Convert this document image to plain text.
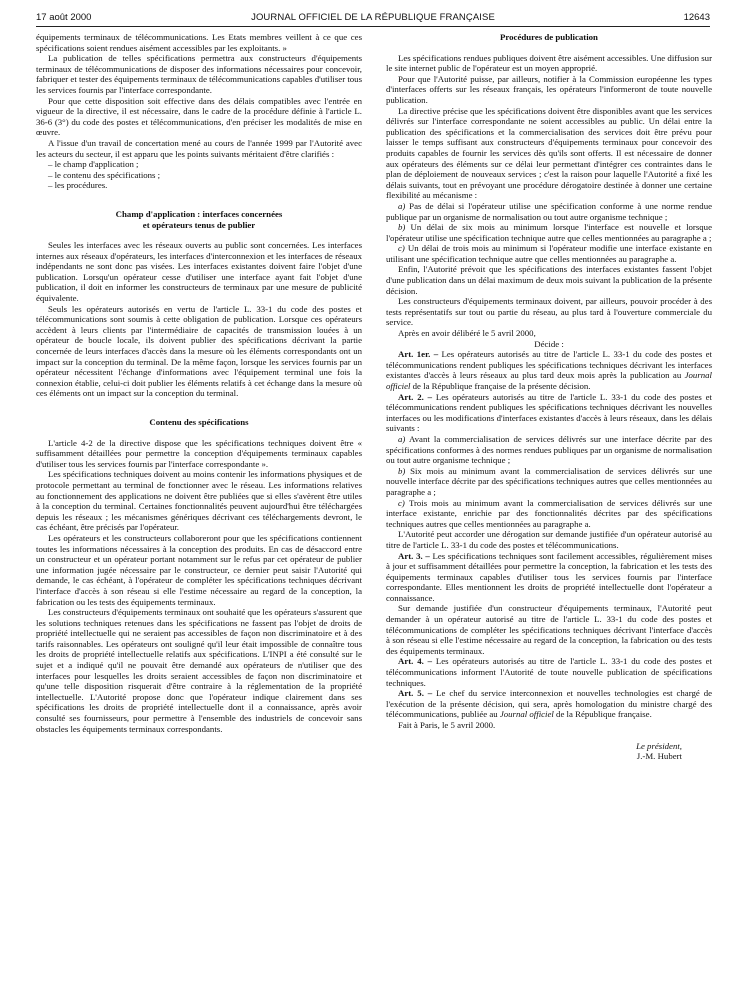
17 août 2000	JOURNAL OFFICIEL DE LA RÉPUBLIQUE FRANÇAISE	12643

équipements terminaux de télécommunications. Les Etats membres veillent à ce que ces spécifications soient rendues aisément accessibles par les exploitants. »

La publication de telles spécifications permettra aux constructeurs d'équipements terminaux de télécommunications de disposer des informations nécessaires pour concevoir, fabriquer et tester des équipements terminaux de télécommunications capables d'utiliser tous les services fournis par l'interface correspondante.

Pour que cette disposition soit effective dans des délais compatibles avec l'entrée en vigueur de la directive, il est nécessaire, dans le cadre de la procédure définie à l'article L. 36-6 (3°) du code des postes et télécommunications, d'en préciser les modalités de mise en œuvre.

A l'issue d'un travail de concertation mené au cours de l'année 1999 par l'Autorité avec les acteurs du secteur, il est apparu que les points suivants méritaient d'être clarifiés :

– le champ d'application ;

– le contenu des spécifications ;

– les procédures.

Champ d'application : interfaces concernées

et opérateurs tenus de publier

Seules les interfaces avec les réseaux ouverts au public sont concernées. Les interfaces internes aux réseaux d'opérateurs, les interfaces d'interconnexion et les interfaces de réseaux indépendants ne sont donc pas visées. Les interfaces existantes doivent faire l'objet d'une publication. Lorsqu'un opérateur cesse d'utiliser une interface ayant fait l'objet d'une publication, il doit en informer les constructeurs de terminaux par une mesure de publicité équivalente.

Seuls les opérateurs autorisés en vertu de l'article L. 33-1 du code des postes et télécommunications sont soumis à cette obligation de publication. Lorsque ces opérateurs accèdent à leurs clients par l'intermédiaire de capacités de transmission louées à un opérateur de boucle locale, ils doivent publier des spécifications décrivant la partie concernée de leurs interfaces d'accès dans la mesure où les éléments correspondants ont un impact sur la conception du terminal. De la même façon, lorsque les services fournis par un opérateur nécessitent l'échange d'informations avec l'équipement terminal une fois la connexion établie, celui-ci doit publier les éléments relatifs à cet échange dans la mesure où ces éléments ont un impact sur la conception du terminal.

Contenu des spécifications

L'article 4-2 de la directive dispose que les spécifications techniques doivent être « suffisamment détaillées pour permettre la conception d'équipements terminaux capables d'utiliser tous les services fournis par l'interface correspondante ».

Les spécifications techniques doivent au moins contenir les informations physiques et de protocole permettant au terminal de fonctionner avec le réseau. Les informations relatives au fonctionnement des applications ne doivent être publiées que si elles s'avèrent être utiles à la conception du terminal. Certaines fonctionnalités peuvent aujourd'hui être téléchargées depuis les réseaux ; les mécanismes génériques décrivant ces téléchargements devront, le cas échéant, être précisés par l'opérateur.

Les opérateurs et les constructeurs collaboreront pour que les spécifications contiennent toutes les informations nécessaires à la conception des produits. En cas de désaccord entre un constructeur et un opérateur portant notamment sur le refus par cet opérateur de publier une information jugée nécessaire par le constructeur, ce dernier peut saisir l'Autorité qui demande, le cas échéant, à l'opérateur de compléter les spécifications techniques décrivant l'interface d'accès à son réseau si elle l'estime nécessaire au regard de la conception, la fabrication ou les tests des équipements terminaux.

Les constructeurs d'équipements terminaux ont souhaité que les opérateurs s'assurent que les solutions techniques retenues dans les spécifications ne fassent pas l'objet de droits de propriété intellectuelle qui ne seraient pas accessibles de façon non discriminatoire et à des tarifs raisonnables. Les opérateurs ont souligné qu'il leur était impossible de connaître tous les droits de propriété intellectuelle relatifs aux spécifications. L'INPI a été consulté sur le sujet et a indiqué qu'il ne pouvait être demandé aux opérateurs de n'utiliser que des interfaces pour lesquelles les droits seraient accessibles de façon non discriminatoire et qu'une telle disposition risquerait d'être contraire à la réglementation de la propriété intellectuelle. L'Autorité propose donc que l'opérateur indique clairement dans ses spécifications les droits de propriété intellectuelle dont il a connaissance, après avoir consulté ses fournisseurs, pour permettre à l'ensemble des industriels de concevoir sans obstacles les équipements terminaux correspondants.

Procédures de publication

Les spécifications rendues publiques doivent être aisément accessibles. Une diffusion sur le site internet public de l'opérateur est un moyen approprié.

Pour que l'Autorité puisse, par ailleurs, notifier à la Commission européenne les types d'interfaces offerts sur les réseaux français, les opérateurs l'informeront de toute nouvelle publication.

La directive précise que les spécifications doivent être disponibles avant que les services délivrés sur l'interface correspondante ne soient accessibles au public. Un délai entre la publication des spécifications et la commercialisation des services doit être prévu pour laisser le temps suffisant aux constructeurs d'équipements terminaux pour concevoir des produits capables de fournir les services dès qu'ils sont offerts. Il est nécessaire de donner aux opérateurs des éléments sur ce délai leur permettant d'intégrer ces contraintes dans le plan de déploiement de nouveaux services ; c'est la raison pour laquelle l'Autorité a fixé les délais suivants, tout en prévoyant une procédure dérogatoire destinée à donner une certaine flexibilité au mécanisme :

a) Pas de délai si l'opérateur utilise une spécification conforme à une norme rendue publique par un organisme de normalisation ou tout autre organisme technique ;

b) Un délai de six mois au minimum lorsque l'interface est nouvelle et lorsque l'opérateur utilise une spécification technique autre que celles mentionnées au paragraphe a ;

c) Un délai de trois mois au minimum si l'opérateur modifie une interface existante en utilisant une spécification technique autre que celles mentionnées au paragraphe a.

Enfin, l'Autorité prévoit que les spécifications des interfaces existantes fassent l'objet d'une publication dans un délai maximum de deux mois suivant la publication de la présente décision.

Les constructeurs d'équipements terminaux doivent, par ailleurs, pouvoir procéder à des tests représentatifs sur tout ou partie du réseau, au plus tard à l'ouverture commerciale du service.

Après en avoir délibéré le 5 avril 2000,

Décide :

Art. 1er. – Les opérateurs autorisés au titre de l'article L. 33-1 du code des postes et télécommunications rendent publiques les spécifications techniques décrivant les interfaces existantes d'accès à leurs réseaux au plus tard deux mois après la publication au Journal officiel de la République française de la présente décision.

Art. 2. – Les opérateurs autorisés au titre de l'article L. 33-1 du code des postes et télécommunications rendent publiques les spécifications techniques décrivant les nouvelles interfaces ou les modifications d'interfaces existantes d'accès à leurs réseaux, dans les délais suivants :

a) Avant la commercialisation de services délivrés sur une interface décrite par des spécifications conformes à des normes rendues publiques par un organisme de normalisation ou tout autre organisme technique ;

b) Six mois au minimum avant la commercialisation de services délivrés sur une nouvelle interface décrite par des spécifications techniques autres que celles mentionnées au paragraphe a ;

c) Trois mois au minimum avant la commercialisation de services délivrés sur une interface existante, enrichie par des fonctionnalités décrites par des spécifications techniques autres que celles mentionnées au paragraphe a.

L'Autorité peut accorder une dérogation sur demande justifiée d'un opérateur autorisé au titre de l'article L. 33-1 du code des postes et télécommunications.

Art. 3. – Les spécifications techniques sont facilement accessibles, régulièrement mises à jour et suffisamment détaillées pour permettre la conception, la fabrication et les tests des équipements terminaux capables d'utiliser tous les services fournis par l'interface correspondante. Elles mentionnent les droits de propriété intellectuelle dont l'opérateur a connaissance.

Sur demande justifiée d'un constructeur d'équipements terminaux, l'Autorité peut demander à un opérateur autorisé au titre de l'article L. 33-1 du code des postes et télécommunications de compléter les spécifications techniques décrivant l'interface d'accès à son réseau si elle l'estime nécessaire au regard de la conception, la fabrication ou des tests des équipements terminaux.

Art. 4. – Les opérateurs autorisés au titre de l'article L. 33-1 du code des postes et télécommunications informent l'Autorité de toute nouvelle publication de spécifications techniques.

Art. 5. – Le chef du service interconnexion et nouvelles technologies est chargé de l'exécution de la présente décision, qui sera, après homologation du ministre chargé des télécommunications, publiée au Journal officiel de la République française.

Fait à Paris, le 5 avril 2000.

Le président,

J.-M. Hubert
